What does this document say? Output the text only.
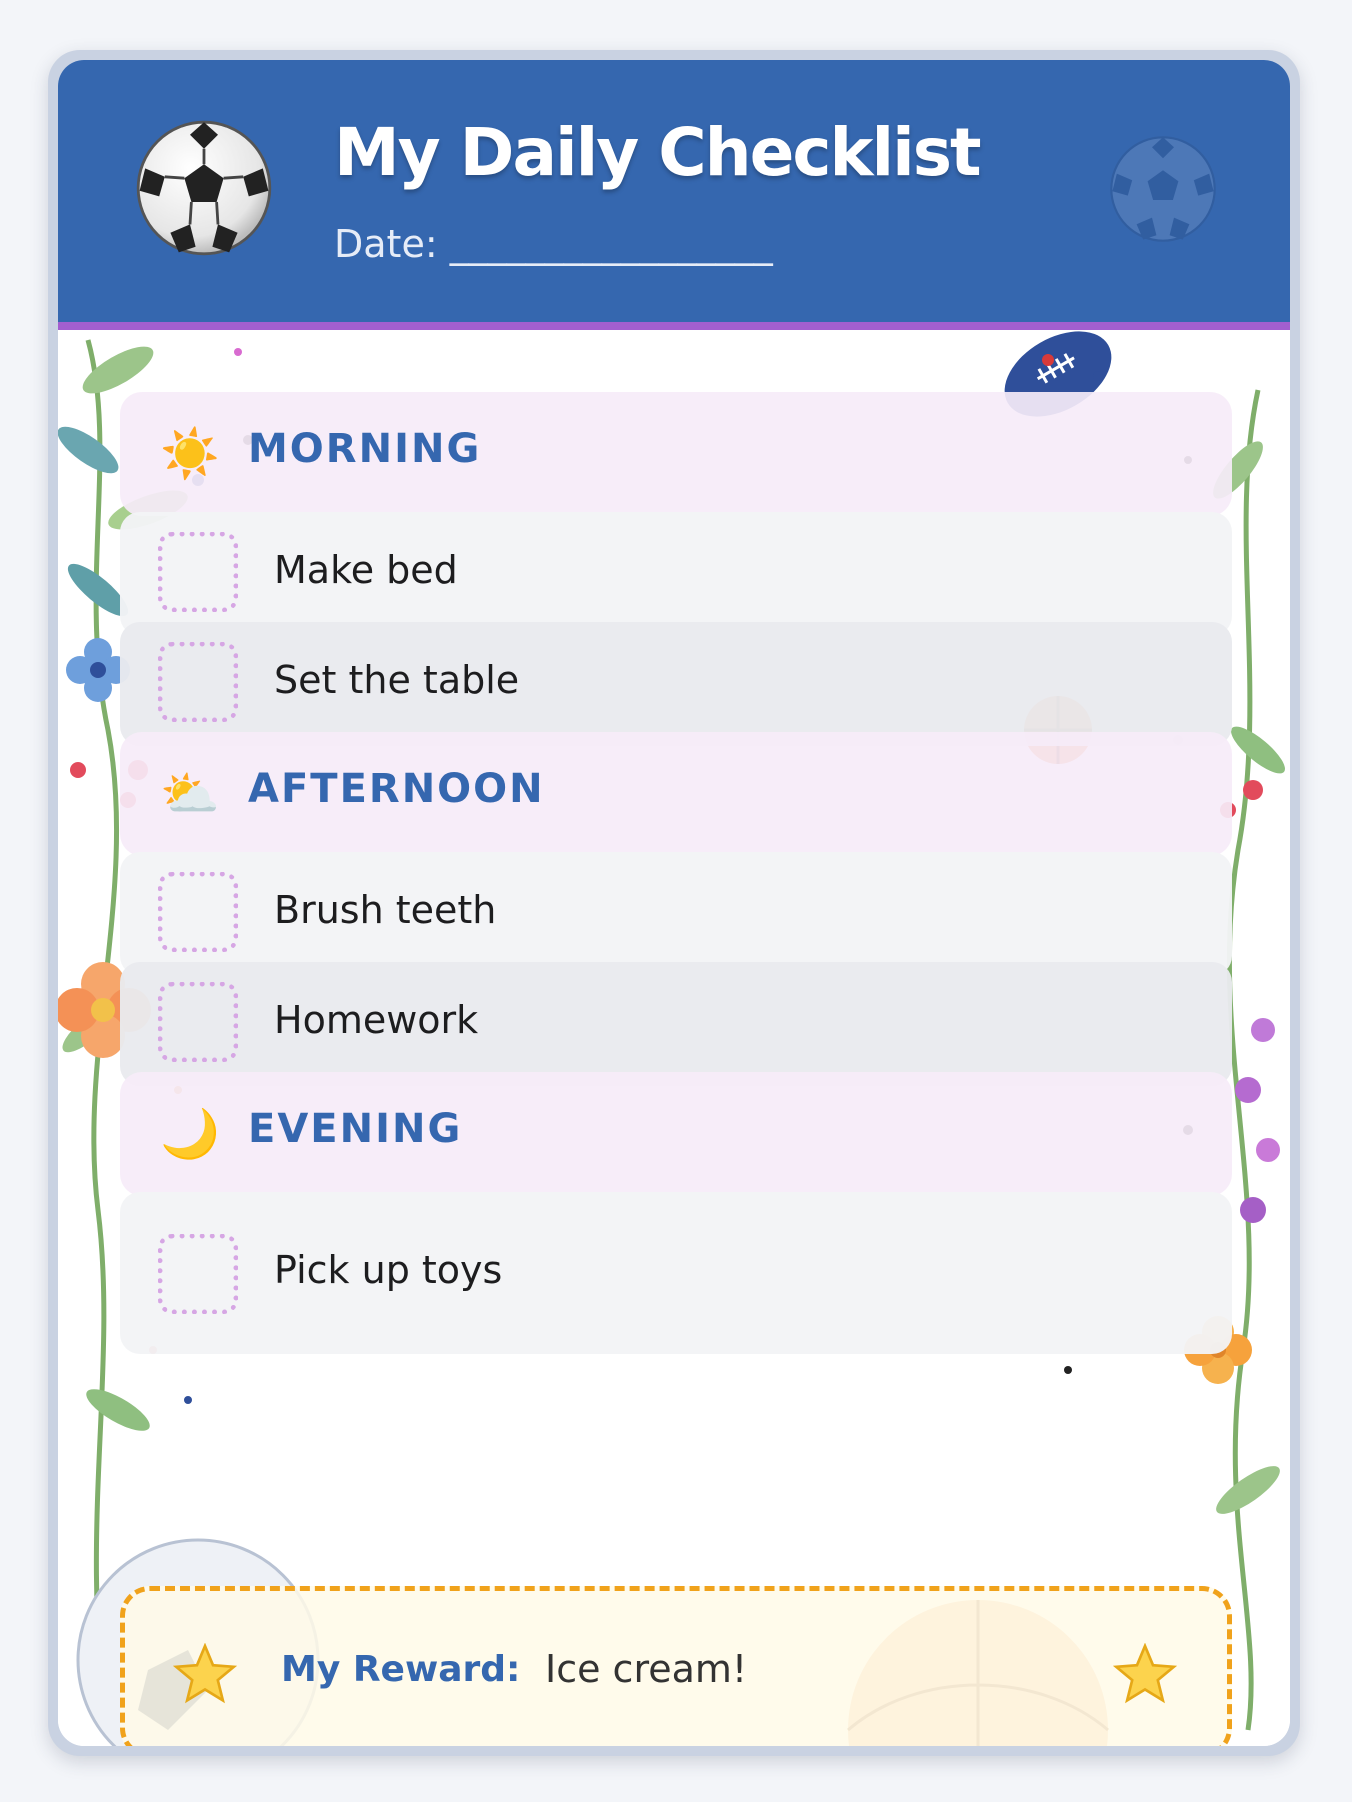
My Daily Checklist
Date: _________________
☀️ MORNING
Make bed
Set the table
⛅ AFTERNOON
Brush teeth
Homework
🌙 EVENING
Pick up toys
My Reward: Ice cream!
